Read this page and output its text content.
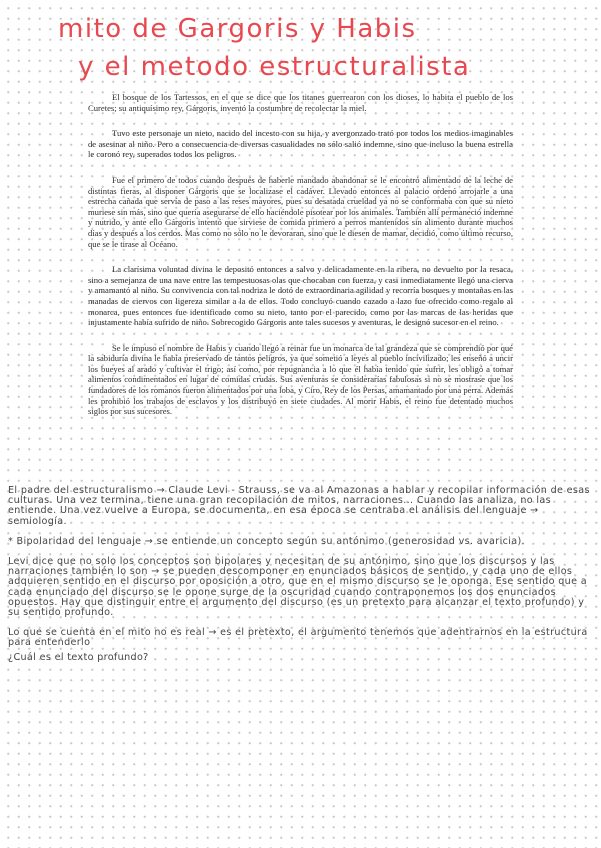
mito de Gargoris y Habis
y el metodo estructuralista

El bosque de los Tartessos, en el que se dice que los titanes guerrearon con los dioses, lo habita el pueblo de los Curetes; su antiquísimo rey, Gárgoris, inventó la costumbre de recolectar la miel.

Tuvo este personaje un nieto, nacido del incesto con su hija, y avergonzado trató por todos los medios imaginables de asesinar al niño. Pero a consecuencia de diversas casualidades no sólo salió indemne, sino que incluso la buena estrella le coronó rey, superados todos los peligros.

Fue el primero de todos cuando después de haberle mandado abandonar se le encontró alimentado de la leche de distintas fieras, al disponer Gárgoris que se localizase el cadáver. Llevado entonces al palacio ordenó arrojarle a una estrecha cañada que servía de paso a las reses mayores, pues su desatada crueldad ya no se conformaba con que su nieto muriese sin más, sino que quería asegurarse de ello haciéndole pisotear por los animales. También allí permaneció indemne y nutrido, y ante ello Gárgoris intentó que sirviese de comida primero a perros mantenidos sin alimento durante muchos días y después a los cerdos. Mas como no sólo no le devoraran, sino que le diesen de mamar, decidió, como último recurso, que se le tirase al Océano.

La clarísima voluntad divina le depositó entonces a salvo y delicadamente en la ribera, no devuelto por la resaca, sino a semejanza de una nave entre las tempestuosas olas que chocaban con fuerza, y casi inmediatamente llegó una cierva y amamantó al niño. Su convivencia con tal nodriza le dotó de extraordinaria agilidad y recorría bosques y montañas en las manadas de ciervos con ligereza similar a la de ellos. Todo concluyó cuando cazado a lazo fue ofrecido como regalo al monarca, pues entonces fue identificado como su nieto, tanto por el parecido, como por las marcas de las heridas que injustamente había sufrido de niño. Sobrecogido Gárgoris ante tales sucesos y aventuras, le designó sucesor en el reino.

Se le impuso el nombre de Habis y cuando llegó a reinar fue un monarca de tal grandeza que se comprendió por qué la sabiduría divina le había preservado de tantos peligros, ya que sometió a leyes al pueblo incivilizado; les enseñó a uncir los bueyes al arado y cultivar el trigo; así como, por repugnancia a lo que él había tenido que sufrir, les obligó a tomar alimentos condimentados en lugar de comidas crudas. Sus aventuras se considerarías fabulosas si no se mostrase que los fundadores de los romanos fueron alimentados por una loba, y Ciro, Rey de los Persas, amamantado por una perra. Además les prohibió los trabajos de esclavos y los distribuyó en siete ciudades. Al morir Habis, el reino fue detentado muchos siglos por sus sucesores.

El padre del estructuralismo → Claude Levi - Strauss, se va al Amazonas a hablar y recopilar información de esas culturas. Una vez termina, tiene una gran recopilación de mitos, narraciones... Cuando las analiza, no las entiende. Una vez vuelve a Europa, se documenta, en esa época se centraba el análisis del lenguaje → semiología.

* Bipolaridad del lenguaje → se entiende un concepto según su antónimo (generosidad vs. avaricia).

Levi dice que no solo los conceptos son bipolares y necesitan de su antónimo, sino que los discursos y las narraciones también lo son → se pueden descomponer en enunciados básicos de sentido, y cada uno de ellos adquieren sentido en el discurso por oposición a otro, que en el mismo discurso se le oponga. Ese sentido que a cada enunciado del discurso se le opone surge de la oscuridad cuando contraponemos los dos enunciados opuestos. Hay que distinguir entre el argumento del discurso (es un pretexto para alcanzar el texto profundo) y su sentido profundo.

Lo que se cuenta en el mito no es real → es el pretexto, el argumento tenemos que adentrarnos en la estructura para entenderlo

¿Cuál es el texto profundo?
